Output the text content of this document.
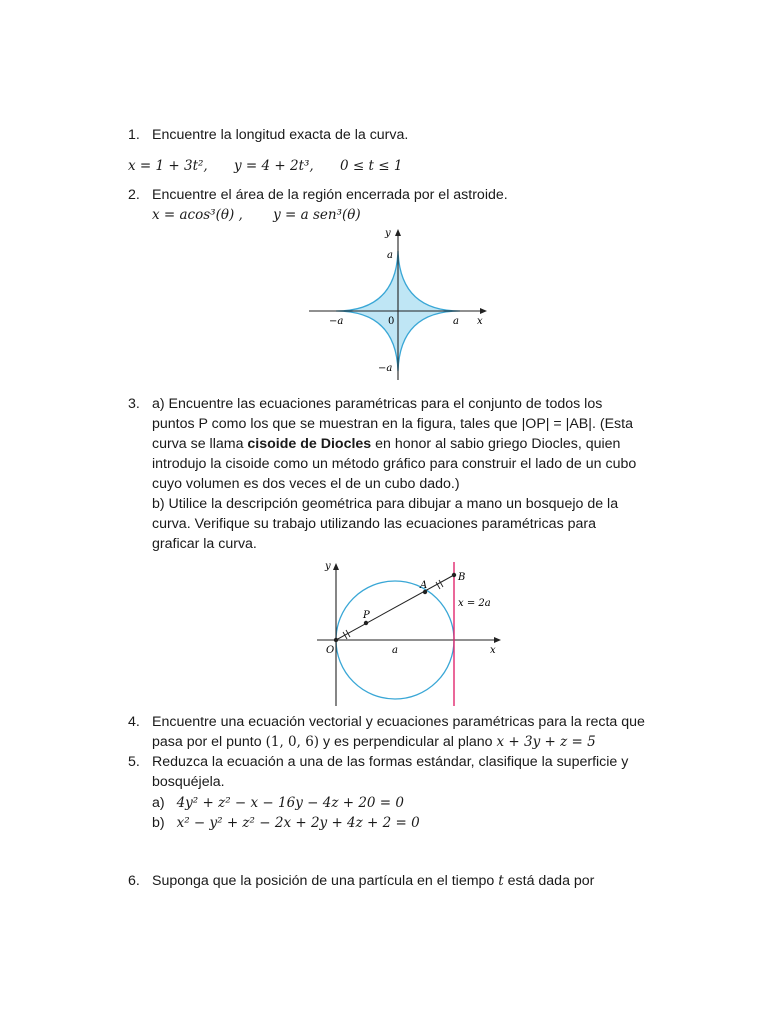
1. Encuentre la longitud exacta de la curva.
x = 1 + 3t², y = 4 + 2t³, 0 ≤ t ≤ 1
2. Encuentre el área de la región encerrada por el astroide.
x = acos³(θ) , y = a sen³(θ)
y
x
a
−a
−a	a
0
3. a) Encuentre las ecuaciones paramétricas para el conjunto de todos los
puntos P como los que se muestran en la figura, tales que |OP| = |AB|. (Esta
curva se llama cisoide de Diocles en honor al sabio griego Diocles, quien
introdujo la cisoide como un método gráfico para construir el lado de un cubo
cuyo volumen es dos veces el de un cubo dado.)
b) Utilice la descripción geométrica para dibujar a mano un bosquejo de la
curva. Verifique su trabajo utilizando las ecuaciones paramétricas para
graficar la curva.
y
x
O	a
P
A
B
x = 2a
4. Encuentre una ecuación vectorial y ecuaciones paramétricas para la recta que
pasa por el punto (1, 0, 6) y es perpendicular al plano x + 3y + z = 5
5. Reduzca la ecuación a una de las formas estándar, clasifique la superficie y
bosquéjela.
a) 4y² + z² − x − 16y − 4z + 20 = 0
b) x² − y² + z² − 2x + 2y + 4z + 2 = 0
6. Suponga que la posición de una partícula en el tiempo t está dada por
